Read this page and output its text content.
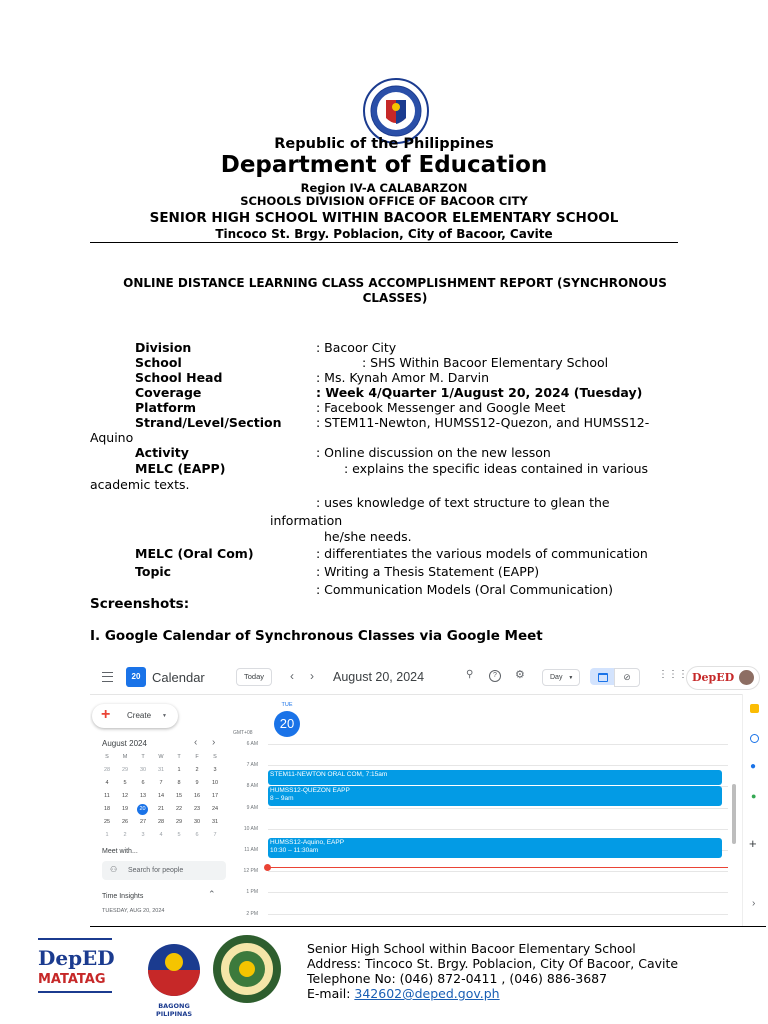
Republic of the Philippines
Department of Education
Region IV-A CALABARZON
SCHOOLS DIVISION OFFICE OF BACOOR CITY
SENIOR HIGH SCHOOL WITHIN BACOOR ELEMENTARY SCHOOL
Tincoco St. Brgy. Poblacion, City of Bacoor, Cavite
ONLINE DISTANCE LEARNING CLASS ACCOMPLISHMENT REPORT (SYNCHRONOUS CLASSES)
Division	: Bacoor City
School	: SHS Within Bacoor Elementary School
School Head	: Ms. Kynah Amor M. Darvin
Coverage	: Week 4/Quarter 1/August 20, 2024 (Tuesday)
Platform	: Facebook Messenger and Google Meet
Strand/Level/Section	: STEM11-Newton, HUMSS12-Quezon, and HUMSS12-
Aquino
Activity	: Online discussion on the new lesson
MELC (EAPP)	: explains the specific ideas contained in various
academic texts.
: uses knowledge of text structure to glean the
information
he/she needs.
MELC (Oral Com)	: differentiates the various models of communication
Topic	: Writing a Thesis Statement (EAPP)
: Communication Models (Oral Communication)
Screenshots:
I. Google Calendar of Synchronous Classes via Google Meet
20 Calendar	Today	‹ › August 20, 2024	⚲	?	⚙	Day ▼	⊘	⋮⋮⋮ DepED
+ Create ▼
August 2024	‹ ›
S	M	T	W	T	F	S
28	29	30	31	1	2	3
4	5	6	7	8	9	10
11	12	13	14	15	16	17
18	19	20	21	22	23	24
25	26	27	28	29	30	31
1	2	3	4	5	6	7
Meet with...
⚇ Search for people
Time Insights	⌃
TUESDAY, AUG 20, 2024
TUE
20
GMT+08
6 AM
7 AM
8 AM
9 AM
10 AM
11 AM
12 PM
1 PM
2 PM
STEM11-NEWTON ORAL COM, 7:15am
HUMSS12-QUEZON EAPP
8 – 9am
HUMSS12-Aquino, EAPP
10:30 – 11:30am
●
●
+
›
DepED
MATATAG
BAGONG PILIPINAS
Senior High School within Bacoor Elementary School
Address: Tincoco St. Brgy. Poblacion, City Of Bacoor, Cavite
Telephone No: (046) 872-0411 , (046) 886-3687
E-mail: 342602@deped.gov.ph
